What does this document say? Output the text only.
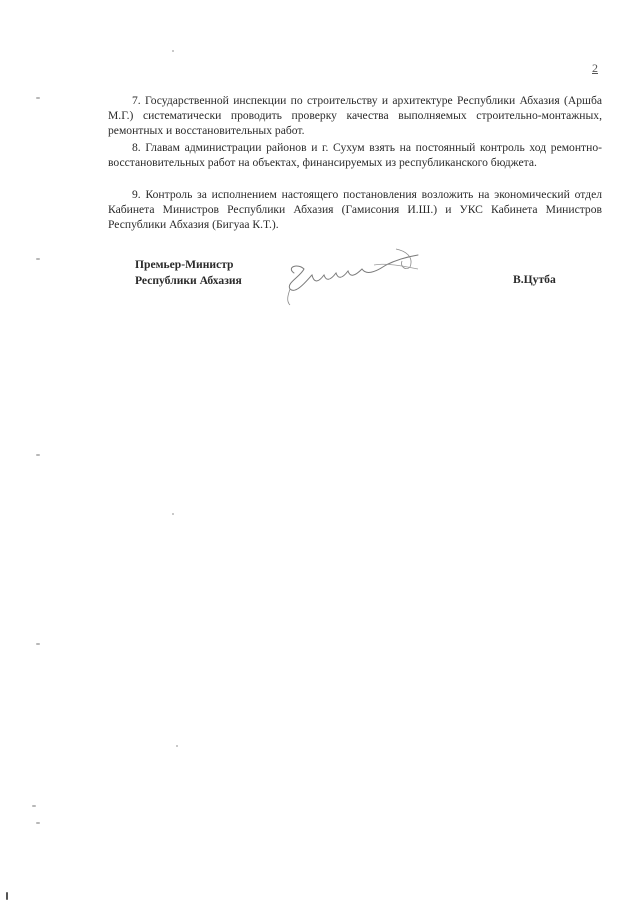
2

7. Государственной инспекции по строительству и архитектуре Республики Абхазия (Аршба М.Г.) систематически проводить проверку качества выполняемых строительно-монтажных, ремонтных и восстановительных работ.

8. Главам администрации районов и г. Сухум взять на постоянный контроль ход ремонтно-восстановительных работ на объектах, финансируемых из республиканского бюджета.

9. Контроль за исполнением настоящего постановления возложить на экономический отдел Кабинета Министров Республики Абхазия (Гамисония И.Ш.) и УКС Кабинета Министров Республики Абхазия (Бигуаа К.Т.).

Премьер-Министр
Республики Абхазия	В.Цутба
